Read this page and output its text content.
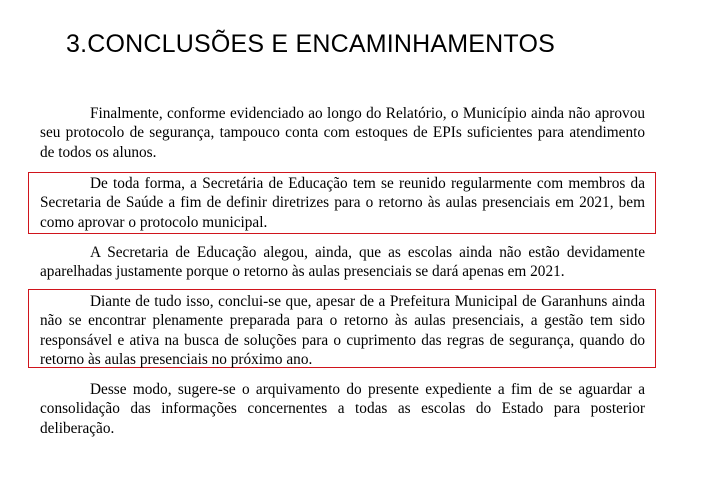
3.CONCLUSÕES E ENCAMINHAMENTOS

Finalmente, conforme evidenciado ao longo do Relatório, o Município ainda não aprovou seu protocolo de segurança, tampouco conta com estoques de EPIs suficientes para atendimento de todos os alunos.

De toda forma, a Secretária de Educação tem se reunido regularmente com membros da Secretaria de Saúde a fim de definir diretrizes para o retorno às aulas presenciais em 2021, bem como aprovar o protocolo municipal.

A Secretaria de Educação alegou, ainda, que as escolas ainda não estão devidamente aparelhadas justamente porque o retorno às aulas presenciais se dará apenas em 2021.

Diante de tudo isso, conclui-se que, apesar de a Prefeitura Municipal de Garanhuns ainda não se encontrar plenamente preparada para o retorno às aulas presenciais, a gestão tem sido responsável e ativa na busca de soluções para o cuprimento das regras de segurança, quando do retorno às aulas presenciais no próximo ano.

Desse modo, sugere-se o arquivamento do presente expediente a fim de se aguardar a consolidação das informações concernentes a todas as escolas do Estado para posterior deliberação.
